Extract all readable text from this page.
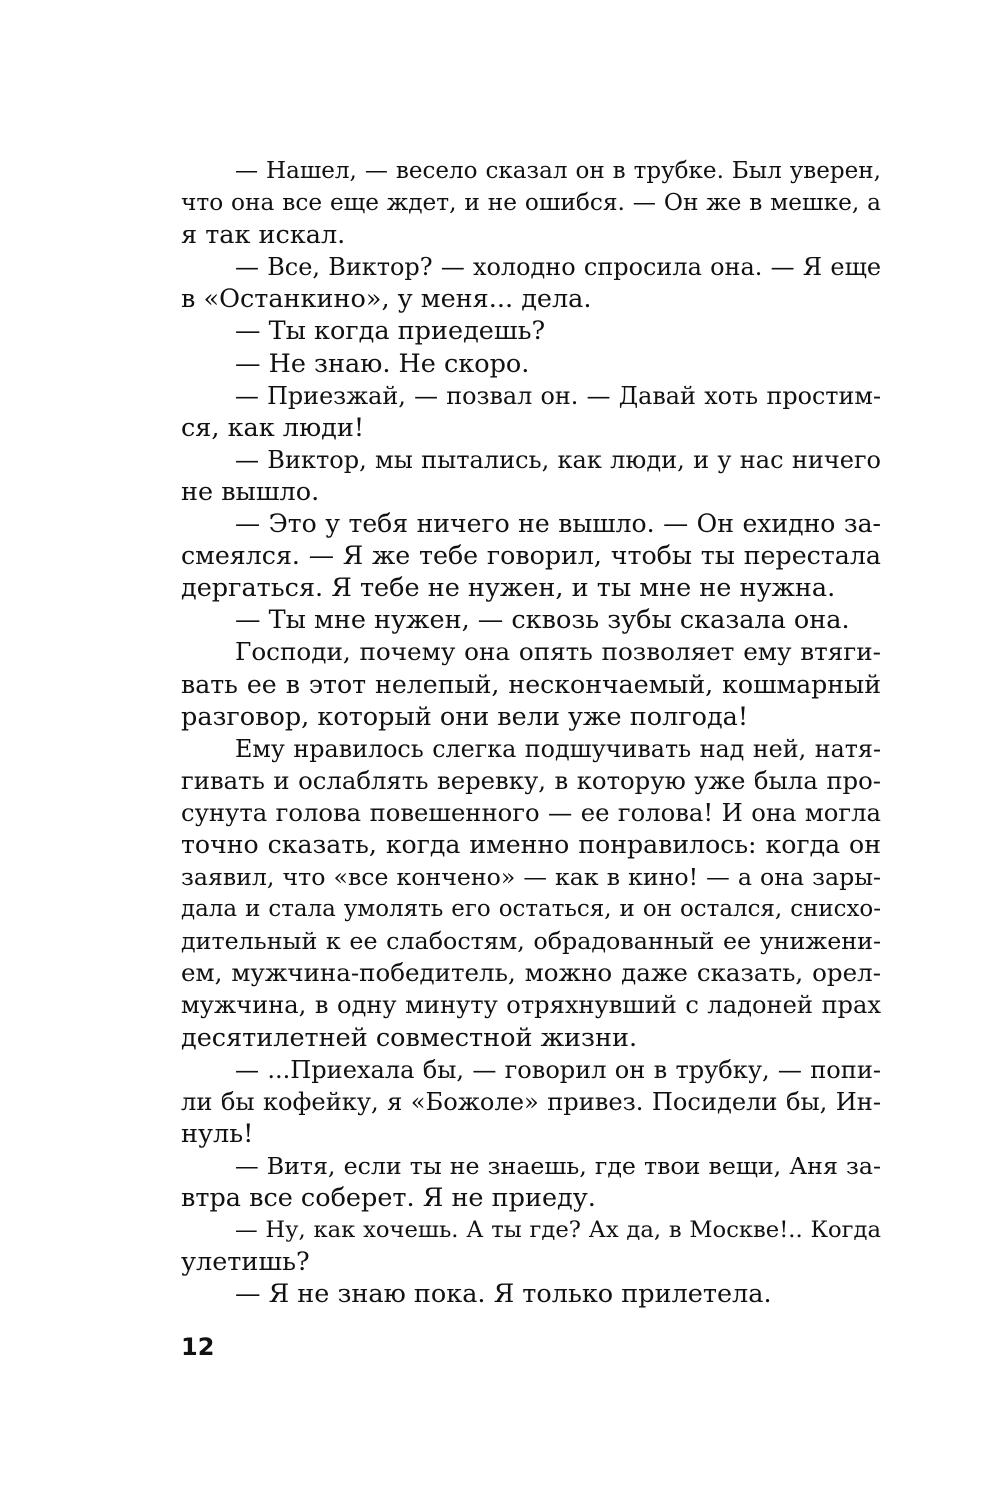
— Нашел, — весело сказал он в трубке. Был уверен,
что она все еще ждет, и не ошибся. — Он же в мешке, а
я так искал.
— Все, Виктор? — холодно спросила она. — Я еще
в «Останкино», у меня... дела.
— Ты когда приедешь?
— Не знаю. Не скоро.
— Приезжай, — позвал он. — Давай хоть простим-
ся, как люди!
— Виктор, мы пытались, как люди, и у нас ничего
не вышло.
— Это у тебя ничего не вышло. — Он ехидно за-
смеялся. — Я же тебе говорил, чтобы ты перестала
дергаться. Я тебе не нужен, и ты мне не нужна.
— Ты мне нужен, — сквозь зубы сказала она.
Господи, почему она опять позволяет ему втяги-
вать ее в этот нелепый, нескончаемый, кошмарный
разговор, который они вели уже полгода!
Ему нравилось слегка подшучивать над ней, натя-
гивать и ослаблять веревку, в которую уже была про-
сунута голова повешенного — ее голова! И она могла
точно сказать, когда именно понравилось: когда он
заявил, что «все кончено» — как в кино! — а она зары-
дала и стала умолять его остаться, и он остался, снисхо-
дительный к ее слабостям, обрадованный ее унижени-
ем, мужчина-победитель, можно даже сказать, орел-
мужчина, в одну минуту отряхнувший с ладоней прах
десятилетней совместной жизни.
— ...Приехала бы, — говорил он в трубку, — попи-
ли бы кофейку, я «Божоле» привез. Посидели бы, Ин-
нуль!
— Витя, если ты не знаешь, где твои вещи, Аня за-
втра все соберет. Я не приеду.
— Ну, как хочешь. А ты где? Ах да, в Москве!.. Когда
улетишь?
— Я не знаю пока. Я только прилетела.
12
